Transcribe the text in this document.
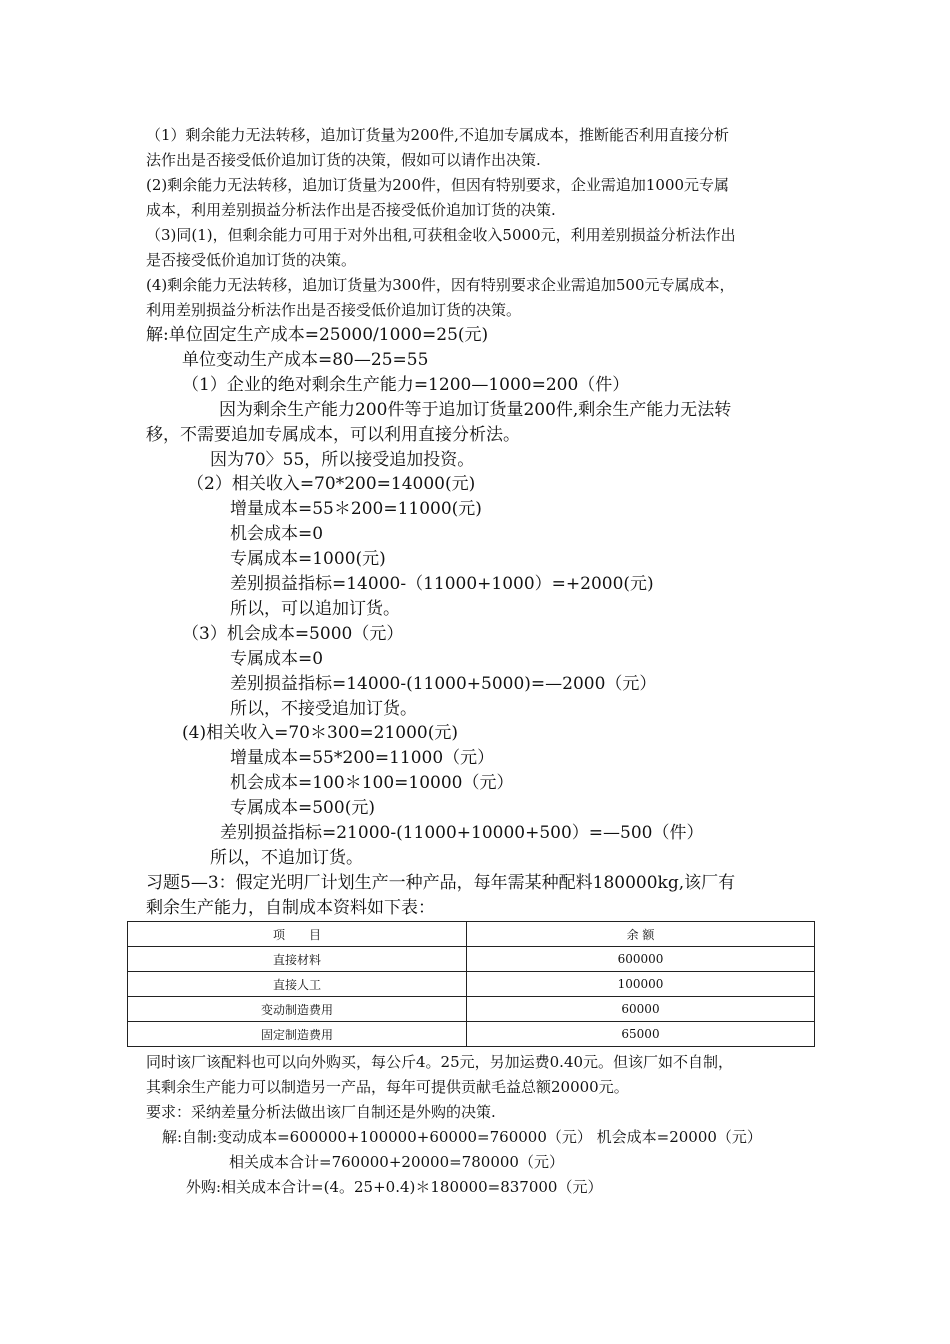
（1）剩余能力无法转移，追加订货量为200件,不追加专属成本，推断能否利用直接分析
法作出是否接受低价追加订货的决策，假如可以请作出决策.
(2)剩余能力无法转移，追加订货量为200件，但因有特别要求，企业需追加1000元专属
成本，利用差别损益分析法作出是否接受低价追加订货的决策.
（3)同(1)，但剩余能力可用于对外出租,可获租金收入5000元，利用差别损益分析法作出
是否接受低价追加订货的决策。
(4)剩余能力无法转移，追加订货量为300件，因有特别要求企业需追加500元专属成本，
利用差别损益分析法作出是否接受低价追加订货的决策。
解:单位固定生产成本=25000/1000=25(元)
单位变动生产成本=80—25=55
（1）企业的绝对剩余生产能力=1200—1000=200（件）
因为剩余生产能力200件等于追加订货量200件,剩余生产能力无法转
移，不需要追加专属成本，可以利用直接分析法。
因为70〉55，所以接受追加投资。
（2）相关收入=70*200=14000(元)
增量成本=55＊200=11000(元)
机会成本=0
专属成本=1000(元)
差别损益指标=14000-（11000+1000）=+2000(元)
所以，可以追加订货。
（3）机会成本=5000（元）
专属成本=0
差别损益指标=14000-(11000+5000)=—2000（元）
所以，不接受追加订货。
(4)相关收入=70＊300=21000(元)
增量成本=55*200=11000（元）
机会成本=100＊100=10000（元）
专属成本=500(元)
差别损益指标=21000-(11000+10000+500）=—500（件）
所以，不追加订货。
习题5—3：假定光明厂计划生产一种产品，每年需某种配料180000kg,该厂有
剩余生产能力，自制成本资料如下表：
项　　目	余 额
直接材料	600000
直接人工	100000
变动制造费用	60000
固定制造费用	65000
同时该厂该配料也可以向外购买，每公斤4。25元，另加运费0.40元。但该厂如不自制，
其剩余生产能力可以制造另一产品，每年可提供贡献毛益总额20000元。
要求：采纳差量分析法做出该厂自制还是外购的决策.
解:自制:变动成本=600000+100000+60000=760000（元） 机会成本=20000（元）
相关成本合计=760000+20000=780000（元）
外购:相关成本合计=(4。25+0.4)＊180000=837000（元）
